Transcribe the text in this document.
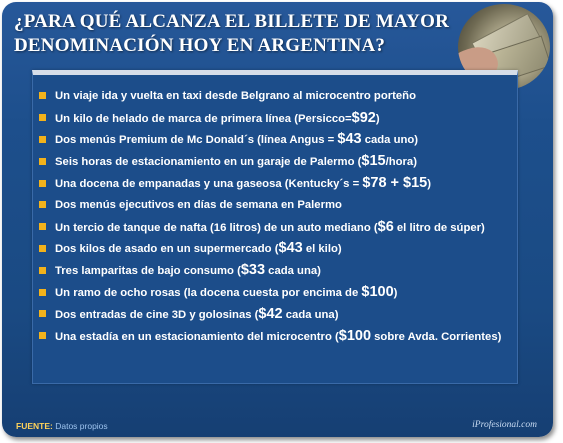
¿PARA QUÉ ALCANZA EL BILLETE DE MAYOR
DENOMINACIÓN HOY EN ARGENTINA?
Un viaje ida y vuelta en taxi desde Belgrano al microcentro porteño
Un kilo de helado de marca de primera línea (Persicco=$92)
Dos menús Premium de Mc Donald´s (línea Angus = $43 cada uno)
Seis horas de estacionamiento en un garaje de Palermo ($15/hora)
Una docena de empanadas y una gaseosa (Kentucky´s = $78 + $15)
Dos menús ejecutivos en días de semana en Palermo
Un tercio de tanque de nafta (16 litros) de un auto mediano ($6 el litro de súper)
Dos kilos de asado en un supermercado ($43 el kilo)
Tres lamparitas de bajo consumo ($33 cada una)
Un ramo de ocho rosas (la docena cuesta por encima de $100)
Dos entradas de cine 3D y golosinas ($42 cada una)
Una estadía en un estacionamiento del microcentro ($100 sobre Avda. Corrientes)
FUENTE: Datos propios	iProfesional.com
